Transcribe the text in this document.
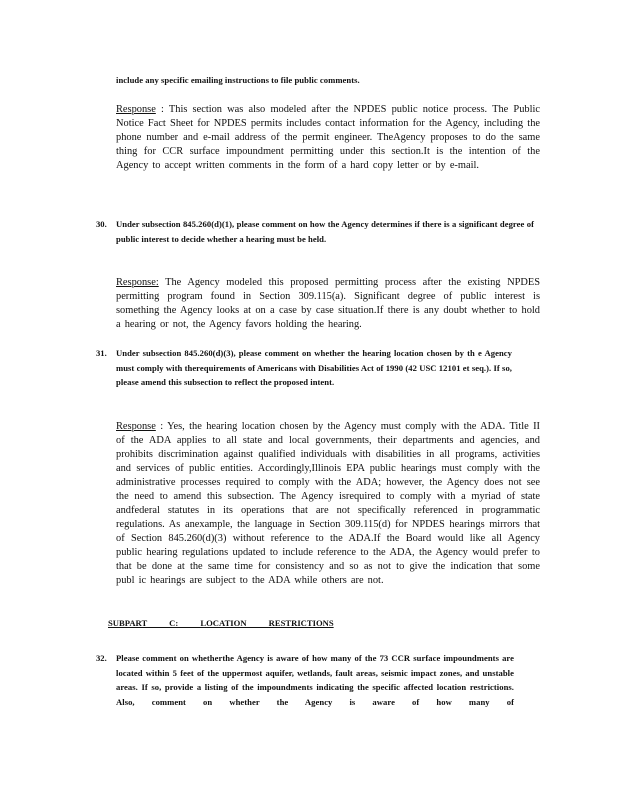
include any specific emailing instructions to file public comments.
Response : This section was also modeled after the NPDES public notice process. The Public Notice Fact Sheet for NPDES permits includes contact information for the Agency, including the phone number and e-mail address of the permit engineer. TheAgency proposes to do the same thing for CCR surface impoundment permitting under this section.It is the intention of the Agency to accept written comments in the form of a hard copy letter or by e-mail.
30. Under subsection 845.260(d)(1), please comment on how the Agency determines if there is a significant degree of public interest to decide whether a hearing must be held.
Response: The Agency modeled this proposed permitting process after the existing NPDES permitting program found in Section 309.115(a). Significant degree of public interest is something the Agency looks at on a case by case situation.If there is any doubt whether to hold a hearing or not, the Agency favors holding the hearing.
31. Under subsection 845.260(d)(3), please comment on whether the hearing location chosen by th e Agency must comply with therequirements of Americans with Disabilities Act of 1990 (42 USC 12101 et seq.). If so, please amend this subsection to reflect the proposed intent.
Response : Yes, the hearing location chosen by the Agency must comply with the ADA. Title II of the ADA applies to all state and local governments, their departments and agencies, and prohibits discrimination against qualified individuals with disabilities in all programs, activities and services of public entities. Accordingly,Illinois EPA public hearings must comply with the administrative processes required to comply with the ADA; however, the Agency does not see the need to amend this subsection. The Agency isrequired to comply with a myriad of state andfederal statutes in its operations that are not specifically referenced in programmatic regulations. As anexample, the language in Section 309.115(d) for NPDES hearings mirrors that of Section 845.260(d)(3) without reference to the ADA.If the Board would like all Agency public hearing regulations updated to include reference to the ADA, the Agency would prefer to that be done at the same time for consistency and so as not to give the indication that some publ ic hearings are subject to the ADA while others are not.
SUBPART C: LOCATION RESTRICTIONS
32. Please comment on whetherthe Agency is aware of how many of the 73 CCR surface impoundments are located within 5 feet of the uppermost aquifer, wetlands, fault areas, seismic impact zones, and unstable areas. If so, provide a listing of the impoundments indicating the specific affected location restrictions. Also, comment on whether the Agency is aware of how many of
